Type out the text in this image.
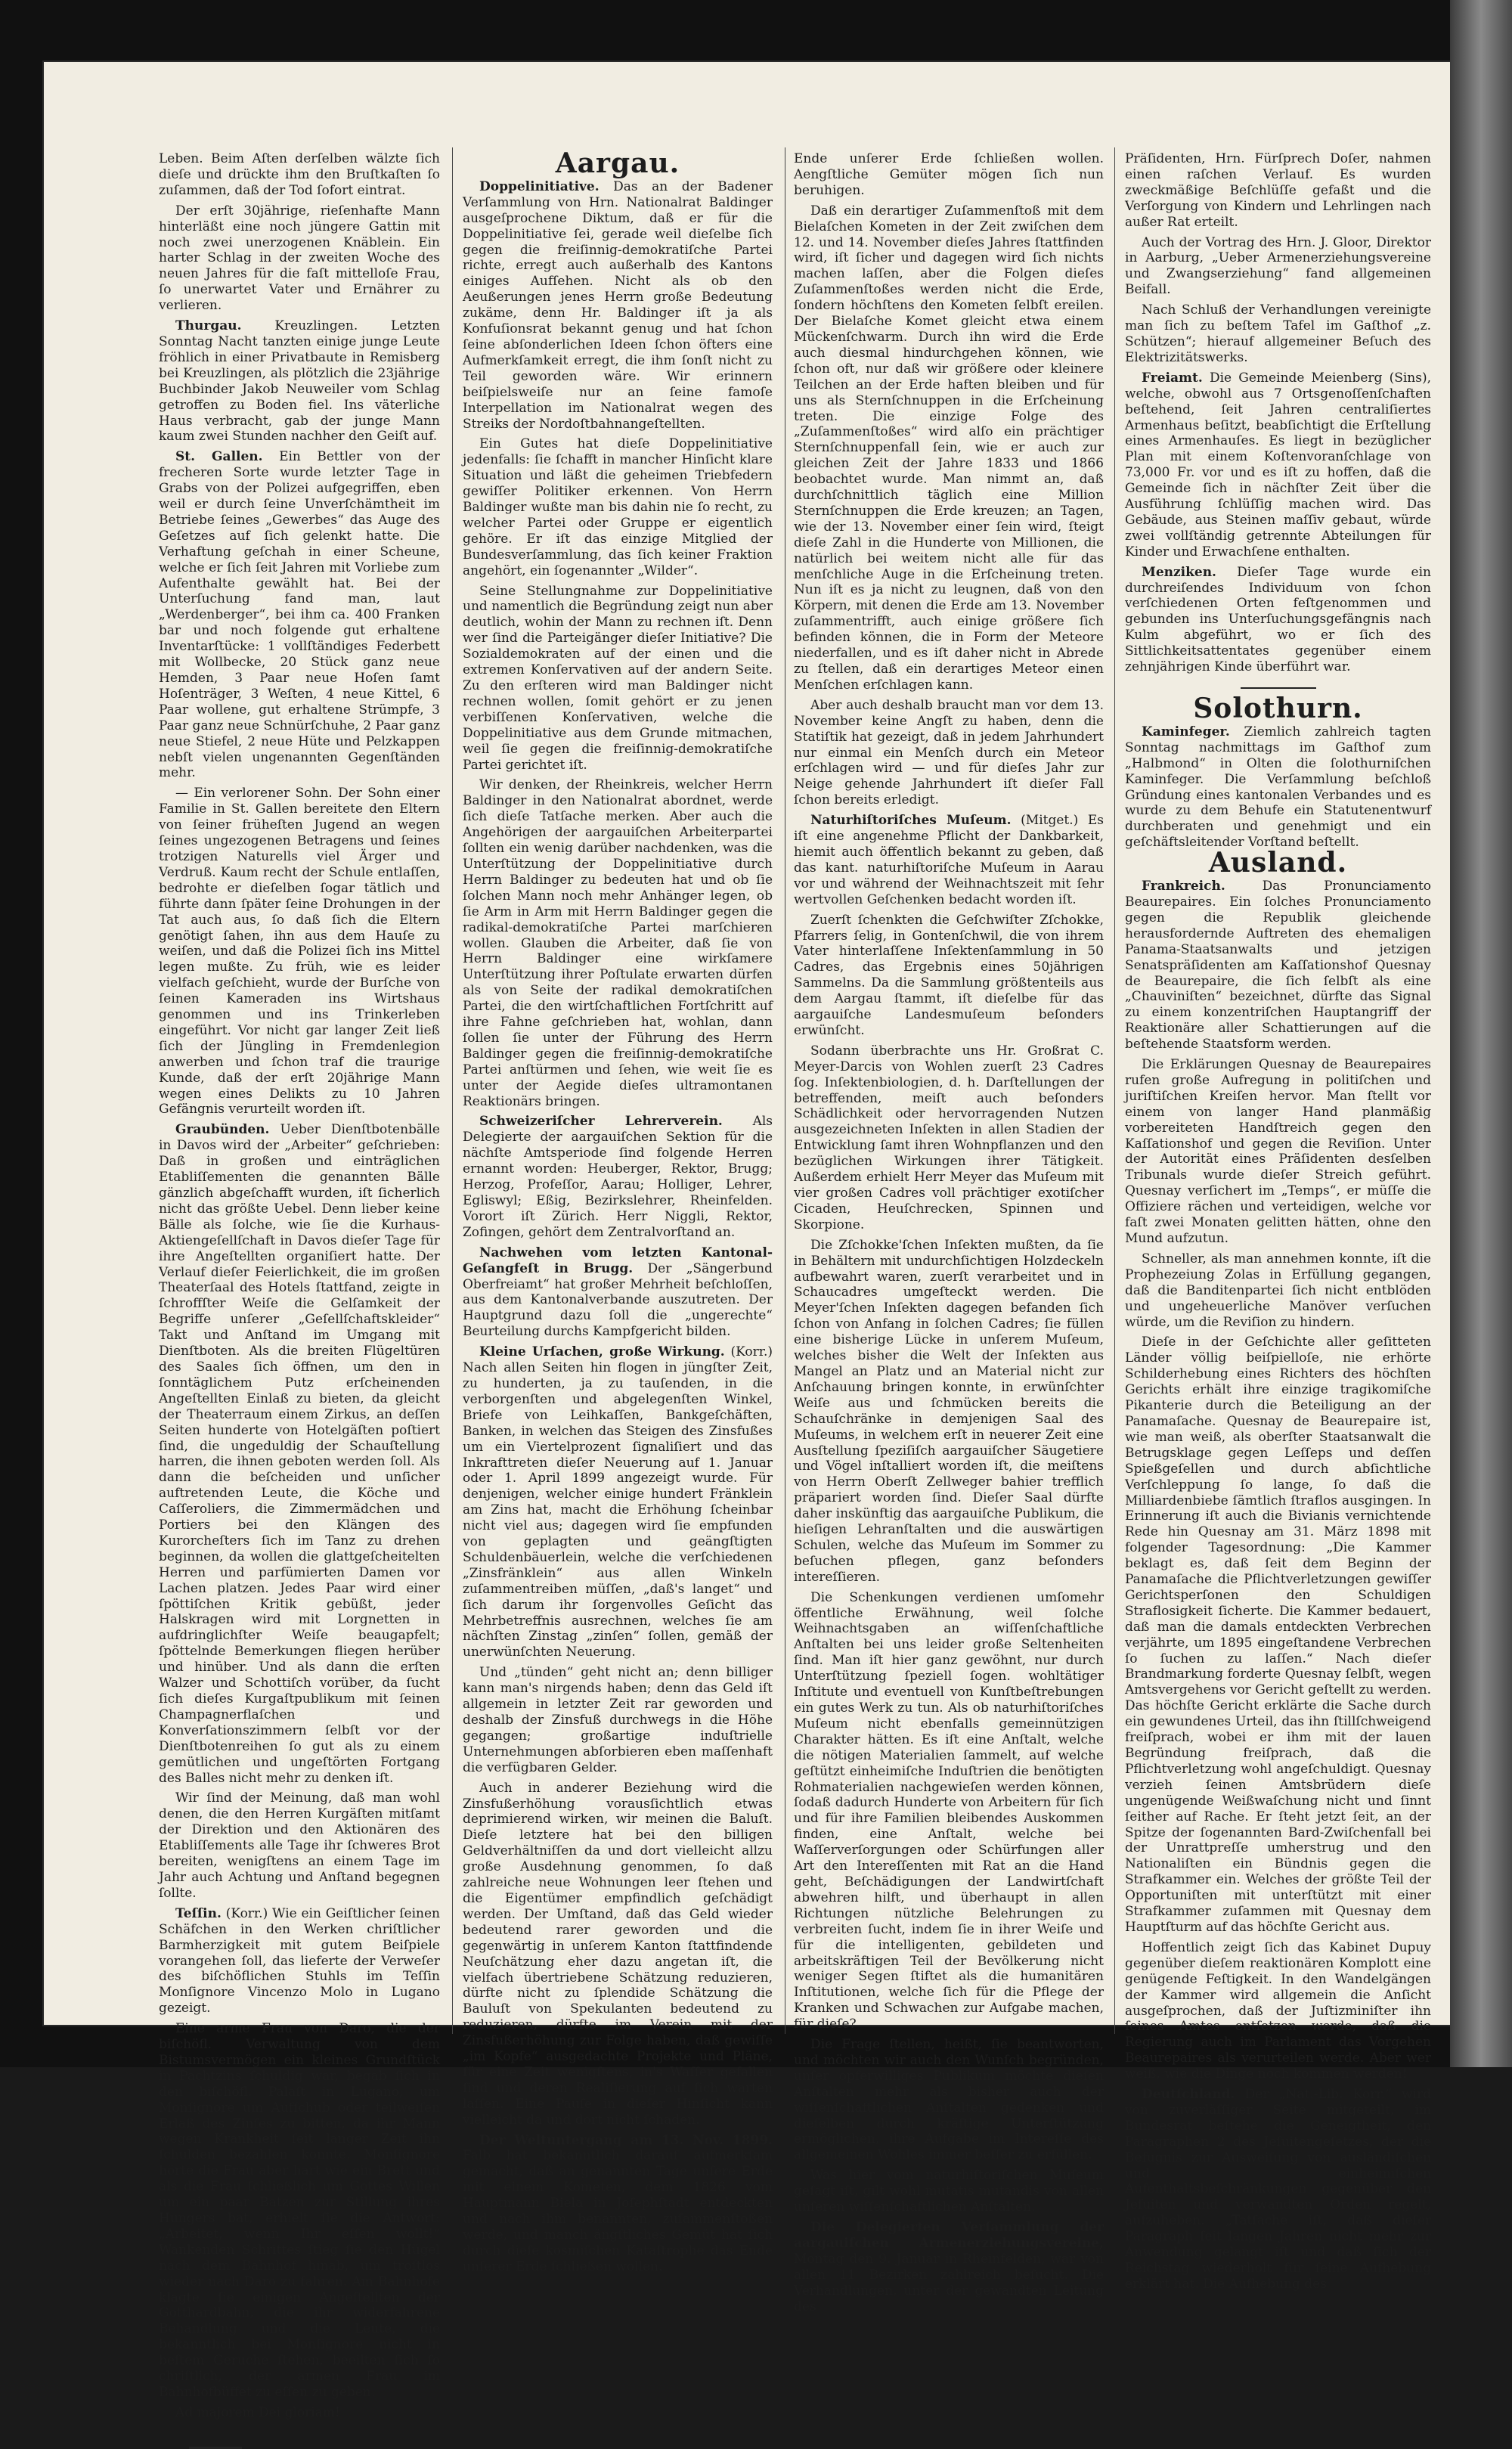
Leben. Beim Aſten derſelben wälzte ſich dieſe und drückte ihm den Bruſtkaſten ſo zuſammen, daß der Tod ſofort eintrat.

Der erſt 30jährige, rieſenhafte Mann hinterläßt eine noch jüngere Gattin mit noch zwei unerzogenen Knäblein. Ein harter Schlag in der zweiten Woche des neuen Jahres für die faſt mittelloſe Frau, ſo unerwartet Vater und Ernährer zu verlieren.

Thurgau.	Kreuzlingen. Letzten Sonntag Nacht tanzten einige junge Leute fröhlich in einer Privatbaute in Remisberg bei Kreuzlingen, als plötzlich die 23jährige Buchbinder Jakob Neuweiler vom Schlag getroffen zu Boden fiel. Ins väterliche Haus verbracht, gab der junge Mann kaum zwei Stunden nachher den Geiſt auf.

St. Gallen. Ein Bettler von der frecheren Sorte wurde letzter Tage in Grabs von der Polizei aufgegriffen, eben weil er durch ſeine Unverſchämtheit im Betriebe ſeines „Gewerbes“ das Auge des Geſetzes auf ſich gelenkt hatte. Die Verhaftung geſchah in einer Scheune, welche er ſich ſeit Jahren mit Vorliebe zum Aufenthalte gewählt hat. Bei der Unterſuchung fand man, laut „Werdenberger“, bei ihm ca. 400 Franken bar und noch folgende gut erhaltene Inventarſtücke: 1 vollſtändiges Federbett mit Wollbecke, 20 Stück ganz neue Hemden, 3 Paar neue Hoſen ſamt Hoſenträger, 3 Weſten, 4 neue Kittel, 6 Paar wollene, gut erhaltene Strümpfe, 3 Paar ganz neue Schnürſchuhe, 2 Paar ganz neue Stiefel, 2 neue Hüte und Pelzkappen nebſt vielen ungenannten Gegenſtänden mehr.

— Ein verlorener Sohn. Der Sohn einer Familie in St. Gallen bereitete den Eltern von ſeiner früheſten Jugend an wegen ſeines ungezogenen Betragens und ſeines trotzigen Naturells viel Ärger und Verdruß. Kaum recht der Schule entlaſſen, bedrohte er dieſelben ſogar tätlich und führte dann ſpäter ſeine Drohungen in der Tat auch aus, ſo daß ſich die Eltern genötigt ſahen, ihn aus dem Hauſe zu weiſen, und daß die Polizei ſich ins Mittel legen mußte. Zu früh, wie es leider vielfach geſchieht, wurde der Burſche von ſeinen Kameraden ins Wirtshaus genommen und ins Trinkerleben eingeführt. Vor nicht gar langer Zeit ließ ſich der Jüngling in Fremdenlegion anwerben und ſchon traf die traurige Kunde, daß der erſt 20jährige Mann wegen eines Delikts zu 10 Jahren Gefängnis verurteilt worden iſt.

Graubünden. Ueber Dienſtbotenbälle in Davos wird der „Arbeiter“ geſchrieben: Daß in großen und einträglichen Etabliſſementen die genannten Bälle gänzlich abgeſchafft wurden, iſt ſicherlich nicht das größte Uebel. Denn lieber keine Bälle als ſolche, wie ſie die Kurhaus-Aktiengeſellſchaft in Davos dieſer Tage für ihre Angeſtellten organiſiert hatte. Der Verlauf dieſer Feierlichkeit, die im großen Theaterſaal des Hotels ſtattfand, zeigte in ſchroffſter Weiſe die Gelſamkeit der Begriffe unſerer „Geſellſchaftskleider“ Takt und Anſtand im Umgang mit Dienſtboten. Als die breiten Flügeltüren des Saales ſich öffnen, um den in ſonntäglichem Putz erſcheinenden Angeſtellten Einlaß zu bieten, da gleicht der Theaterraum einem Zirkus, an deſſen Seiten hunderte von Hotelgäſten poſtiert ſind, die ungeduldig der Schauſtellung harren, die ihnen geboten werden ſoll. Als dann die beſcheiden und unſicher auftretenden Leute, die Köche und Caſſeroliers, die Zimmermädchen und Portiers bei den Klängen des Kurorcheſters ſich im Tanz zu drehen beginnen, da wollen die glattgeſcheitelten Herren und parfümierten Damen vor Lachen platzen. Jedes Paar wird einer ſpöttiſchen Kritik gebüßt, jeder Halskragen wird mit Lorgnetten in aufdringlichſter Weiſe beaugapfelt; ſpöttelnde Bemerkungen fliegen herüber und hinüber. Und als dann die erſten Walzer und Schottiſch vorüber, da ſucht ſich dieſes Kurgaſtpublikum mit ſeinen Champagnerflaſchen und Konverſationszimmern ſelbſt vor der Dienſtbotenreihen ſo gut als zu einem gemütlichen und ungeſtörten Fortgang des Balles nicht mehr zu denken iſt.

Wir ſind der Meinung, daß man wohl denen, die den Herren Kurgäſten mitſamt der Direktion und den Aktionären des Etabliſſements alle Tage ihr ſchweres Brot bereiten, wenigſtens an einem Tage im Jahr auch Achtung und Anſtand begegnen ſollte.

Teſſin. (Korr.) Wie ein Geiſtlicher ſeinen Schäfchen in den Werken chriſtlicher Barmherzigkeit mit gutem Beiſpiele vorangehen ſoll, das lieferte der Verweſer des biſchöflichen Stuhls im Teſſin Monſignore Vincenzo Molo in Lugano gezeigt.

Eine arme Frau von Daro, die der biſchöfl. Verwaltung von dem Bistumsvermögen ein kleines Grundſtück in Pachtzins ſchuldig war, begab ſich in den biſchöfl. Palaſt in Lugano, um Monſignore um Aufſchub oder teilweiſen Erlaß des Zinſes zu bitten, da ihr Mann wegen Krankheit ſeit langer Zeit ihn ſchulden bezahlen konnte. Monſignore hörte die Frau aber hart wie ein Brett und als die Frau ſchließlich um Gottes Willen um ein paar Batzen zur Stillung ihres Hungers bat, erhielt ſie die Antwort: „Arbeitet, wenn Ihr eſſen wollt!“ Wankenden Schrittes ſtieg ſie den Hügel nach dem Bahnhof hinab, um troſtlos wieder nach Daro zu fahren. Am Bahnhofe klagte ſie einigen Angeſtellten der Gotthardbahn, die ihr widerfahrene Behandlung und die Leute, die bekanntlich bei Monſignore nicht in beſtem Geruche ſtehen, beeilten ſich ſo chriſtlich, der armen Frau im Bahnhofbüffet zu eſſen zu geben.

Ad majorem Dei gloriam!

Aargau.

Doppelinitiative. Das an der Badener Verſammlung von Hrn. Nationalrat Baldinger ausgeſprochene Diktum, daß er für die Doppelinitiative ſei, gerade weil dieſelbe ſich gegen die freiſinnig-demokratiſche Partei richte, erregt auch außerhalb des Kantons einiges Aufſehen. Nicht als ob den Aeußerungen jenes Herrn große Bedeutung zukäme, denn Hr. Baldinger iſt ja als Konfuſionsrat bekannt genug und hat ſchon ſeine abſonderlichen Ideen ſchon öfters eine Aufmerkſamkeit erregt, die ihm ſonſt nicht zu Teil geworden wäre. Wir erinnern beiſpielsweiſe nur an ſeine famoſe Interpellation im Nationalrat wegen des Streiks der Nordoſtbahnangeſtellten.

Ein Gutes hat dieſe Doppelinitiative jedenfalls: ſie ſchafft in mancher Hinſicht klare Situation und läßt die geheimen Triebfedern gewiſſer Politiker erkennen. Von Herrn Baldinger wußte man bis dahin nie ſo recht, zu welcher Partei oder Gruppe er eigentlich gehöre. Er iſt das einzige Mitglied der Bundesverſammlung, das ſich keiner Fraktion angehört, ein ſogenannter „Wilder“.

Seine Stellungnahme zur Doppelinitiative und namentlich die Begründung zeigt nun aber deutlich, wohin der Mann zu rechnen iſt. Denn wer ſind die Parteigänger dieſer Initiative? Die Sozialdemokraten auf der einen und die extremen Konſervativen auf der andern Seite. Zu den erſteren wird man Baldinger nicht rechnen wollen, ſomit gehört er zu jenen verbiſſenen Konſervativen, welche die Doppelinitiative aus dem Grunde mitmachen, weil ſie gegen die freiſinnig-demokratiſche Partei gerichtet iſt.

Wir denken, der Rheinkreis, welcher Herrn Baldinger in den Nationalrat abordnet, werde ſich dieſe Tatſache merken. Aber auch die Angehörigen der aargauiſchen Arbeiterpartei ſollten ein wenig darüber nachdenken, was die Unterſtützung der Doppelinitiative durch Herrn Baldinger zu bedeuten hat und ob ſie ſolchen Mann noch mehr Anhänger legen, ob ſie Arm in Arm mit Herrn Baldinger gegen die radikal-demokratiſche Partei marſchieren wollen. Glauben die Arbeiter, daß ſie von Herrn Baldinger eine wirkſamere Unterſtützung ihrer Poſtulate erwarten dürfen als von Seite der radikal demokratiſchen Partei, die den wirtſchaftlichen Fortſchritt auf ihre Fahne geſchrieben hat, wohlan, dann ſollen ſie unter der Führung des Herrn Baldinger gegen die freiſinnig-demokratiſche Partei anſtürmen und ſehen, wie weit ſie es unter der Aegide dieſes ultramontanen Reaktionärs bringen.

Schweizeriſcher Lehrerverein. Als Delegierte der aargauiſchen Sektion für die nächſte Amtsperiode ſind folgende Herren ernannt worden: Heuberger, Rektor, Brugg; Herzog, Profeſſor, Aarau; Holliger, Lehrer, Egliswyl; Eßig, Bezirkslehrer, Rheinfelden. Vorort iſt Zürich. Herr Niggli, Rektor, Zofingen, gehört dem Zentralvorſtand an.

Nachwehen vom letzten Kantonal-Geſangfeſt in Brugg. Der „Sängerbund Oberfreiamt“ hat großer Mehrheit beſchloſſen, aus dem Kantonalverbande auszutreten. Der Hauptgrund dazu ſoll die „ungerechte“ Beurteilung durchs Kampfgericht bilden.

Kleine Urſachen, große Wirkung. (Korr.) Nach allen Seiten hin flogen in jüngſter Zeit, zu hunderten, ja zu tauſenden, in die verborgenſten und abgelegenſten Winkel, Briefe von Leihkaſſen, Bankgeſchäften, Banken, in welchen das Steigen des Zinsfußes um ein Viertelprozent ſignaliſiert und das Inkrafttreten dieſer Neuerung auf 1. Januar oder 1. April 1899 angezeigt wurde. Für denjenigen, welcher einige hundert Fränklein am Zins hat, macht die Erhöhung ſcheinbar nicht viel aus; dagegen wird ſie empfunden von geplagten und geängſtigten Schuldenbäuerlein, welche die verſchiedenen „Zinsfränklein“ aus allen Winkeln zuſammentreiben müſſen, „daß's langet“ und ſich darum ihr ſorgenvolles Geſicht das Mehrbetreffnis ausrechnen, welches ſie am nächſten Zinstag „zinſen“ ſollen, gemäß der unerwünſchten Neuerung.

Und „tünden“ geht nicht an; denn billiger kann man's nirgends haben; denn das Geld iſt allgemein in letzter Zeit rar geworden und deshalb der Zinsfuß durchwegs in die Höhe gegangen; großartige induſtrielle Unternehmungen abſorbieren eben maſſenhaft die verfügbaren Gelder.

Auch in anderer Beziehung wird die Zinsfußerhöhung vorausſichtlich etwas deprimierend wirken, wir meinen die Baluſt. Dieſe letztere hat bei den billigen Geldverhältniſſen da und dort vielleicht allzu große Ausdehnung genommen, ſo daß zahlreiche neue Wohnungen leer ſtehen und die Eigentümer empfindlich geſchädigt werden. Der Umſtand, daß das Geld wieder bedeutend rarer geworden und die gegenwärtig in unſerem Kanton ſtattfindende Neuſchätzung eher dazu angetan iſt, die vielfach übertriebene Schätzung reduzieren, dürfte nicht zu ſplendide Schätzung die Bauluſt von Spekulanten bedeutend zu reduzieren, dürfte im Verein mit der Zinsfußerhöhung zur Folge haben, daß gewiſſe „im Kopfe“ ausgedachte Projekte und Pläne, für eine Zeit wenigſtens, in's Waſſer gefallen ſind und deren Realiſierung auf ſich warten laſſen. Eine Pauſe in dieſer Hinſicht kann vielleicht da und dort nicht ſchaden.

Der Weltuntergang am 13. Nov. 1899. Falb hat bekanntlich darauf aufmerkſam gemacht, daß an genannten Tage unſere Erde mit einem Kometen, dem 1826 vom Hauptmann Biela in Joſephſtadt entdeckten und nach ihm benannten, zuſammenſtoßen werde, und manch ängſtliches Gemüt hat ſich durch dieſe kosmiſchen Kataſtrophe das Ende unſerer Erde ſchließen wollen.

Ende unſerer Erde ſchließen wollen. Aengſtliche Gemüter mögen ſich nun beruhigen.

Daß ein derartiger Zuſammenſtoß mit dem Bielaſchen Kometen in der Zeit zwiſchen dem 12. und 14. November dieſes Jahres ſtattfinden wird, iſt ſicher und dagegen wird ſich nichts machen laſſen, aber die Folgen dieſes Zuſammenſtoßes werden nicht die Erde, ſondern höchſtens den Kometen ſelbſt ereilen. Der Bielaſche Komet gleicht etwa einem Mückenſchwarm. Durch ihn wird die Erde auch diesmal hindurchgehen können, wie ſchon oft, nur daß wir größere oder kleinere Teilchen an der Erde haften bleiben und für uns als Sternſchnuppen in die Erſcheinung treten. Die einzige Folge des „Zuſammenſtoßes“ wird alſo ein prächtiger Sternſchnuppenfall ſein, wie er auch zur gleichen Zeit der Jahre 1833 und 1866 beobachtet wurde. Man nimmt an, daß durchſchnittlich täglich eine Million Sternſchnuppen die Erde kreuzen; an Tagen, wie der 13. November einer ſein wird, ſteigt dieſe Zahl in die Hunderte von Millionen, die natürlich bei weitem nicht alle für das menſchliche Auge in die Erſcheinung treten. Nun iſt es ja nicht zu leugnen, daß von den Körpern, mit denen die Erde am 13. November zuſammentrifft, auch einige größere ſich befinden können, die in Form der Meteore niederfallen, und es iſt daher nicht in Abrede zu ſtellen, daß ein derartiges Meteor einen Menſchen erſchlagen kann.

Aber auch deshalb braucht man vor dem 13. November keine Angſt zu haben, denn die Statiſtik hat gezeigt, daß in jedem Jahrhundert nur einmal ein Menſch durch ein Meteor erſchlagen wird — und für dieſes Jahr zur Neige gehende Jahrhundert iſt dieſer Fall ſchon bereits erledigt.

Naturhiſtoriſches Muſeum. (Mitget.) Es iſt eine angenehme Pflicht der Dankbarkeit, hiemit auch öffentlich bekannt zu geben, daß das kant. naturhiſtoriſche Muſeum in Aarau vor und während der Weihnachtszeit mit ſehr wertvollen Geſchenken bedacht worden iſt.

Zuerſt ſchenkten die Geſchwiſter Zſchokke, Pfarrers ſelig, in Gontenſchwil, die von ihrem Vater hinterlaſſene Inſektenſammlung in 50 Cadres, das Ergebnis eines 50jährigen Sammelns. Da die Sammlung größtenteils aus dem Aargau ſtammt, iſt dieſelbe für das aargauiſche Landesmuſeum beſonders erwünſcht.

Sodann überbrachte uns Hr. Großrat C. Meyer-Darcis von Wohlen zuerſt 23 Cadres ſog. Inſektenbiologien, d. h. Darſtellungen der betreffenden, meiſt auch beſonders Schädlichkeit oder hervorragenden Nutzen ausgezeichneten Inſekten in allen Stadien der Entwicklung ſamt ihren Wohnpflanzen und den bezüglichen Wirkungen ihrer Tätigkeit. Außerdem erhielt Herr Meyer das Muſeum mit vier großen Cadres voll prächtiger exotiſcher Cicaden, Heuſchrecken, Spinnen und Skorpione.

Die Zſchokke'ſchen Inſekten mußten, da ſie in Behältern mit undurchſichtigen Holzdeckeln aufbewahrt waren, zuerſt verarbeitet und in Schaucadres umgeſteckt werden. Die Meyer'ſchen Inſekten dagegen befanden ſich ſchon von Anfang in ſolchen Cadres; ſie füllen eine bisherige Lücke in unſerem Muſeum, welches bisher die Welt der Inſekten aus Mangel an Platz und an Material nicht zur Anſchauung bringen konnte, in erwünſchter Weiſe aus und ſchmücken bereits die Schauſchränke in demjenigen Saal des Muſeums, in welchem erſt in neuerer Zeit eine Ausſtellung ſpeziſiſch aargauiſcher Säugetiere und Vögel inſtalliert worden iſt, die meiſtens von Herrn Oberſt Zellweger bahier trefflich präpariert worden ſind. Dieſer Saal dürfte daher inskünftig das aargauiſche Publikum, die hieſigen Lehranſtalten und die auswärtigen Schulen, welche das Muſeum im Sommer zu beſuchen pflegen, ganz beſonders intereſſieren.

Die Schenkungen verdienen umſomehr öffentliche Erwähnung, weil ſolche Weihnachtsgaben an wiſſenſchaftliche Anſtalten bei uns leider große Seltenheiten ſind. Man iſt hier ganz gewöhnt, nur durch Unterſtützung ſpeziell ſogen. wohltätiger Inſtitute und eventuell von Kunſtbeſtrebungen ein gutes Werk zu tun. Als ob naturhiſtoriſches Muſeum nicht ebenfalls gemeinnützigen Charakter hätten. Es iſt eine Anſtalt, welche die nötigen Materialien ſammelt, auf welche geſtützt einheimiſche Induſtrien die benötigten Rohmaterialien nachgewieſen werden können, ſodaß dadurch Hunderte von Arbeitern für ſich und für ihre Familien bleibendes Auskommen finden, eine Anſtalt, welche bei Waſſerverſorgungen oder Schürfungen aller Art den Intereſſenten mit Rat an die Hand geht, Beſchädigungen der Landwirtſchaft abwehren hilft, und überhaupt in allen Richtungen nützliche Belehrungen zu verbreiten ſucht, indem ſie in ihrer Weiſe und für die intelligenten, gebildeten und arbeitskräftigen Teil der Bevölkerung nicht weniger Segen ſtiftet als die humanitären Inſtitutionen, welche ſich für die Pflege der Kranken und Schwachen zur Aufgabe machen, für dieſe?

Die Frage ſtellen, heißt, ſie beantworten, und möchten wir auch den Wunſch begründen, unſer opferwilliges Publikum möchte dieſen Anſtalten mehr als bisher auch der wiſſenſchaftlichen Anſtalten gedenken und dieſelben durch kräftige Unterſtützung ermöglichen, ihre Aufgabe im Intereſſe des allgemeinen Wohles immer beſſer zu erfüllen.

Was hier vom naturhiſtoriſchen Muſeum geſagt iſt, gilt wohl mutatis mutandis von allen unſeren wiſſenſchaftlichen Anſtalten.

Die Delegierten Verſammlung der aargauiſchen Armenerziehungsvereine, Montag den 9. Januar in Rheinfelden, war von allen 11 Bezirken zahlreich beſucht. Die Verhandlungen, unter der gewandten Leitung des

Präſidenten, Hrn. Fürſprech Doſer, nahmen einen raſchen Verlauf. Es wurden zweckmäßige Beſchlüſſe gefaßt und die Verſorgung von Kindern und Lehrlingen nach außer Rat erteilt.

Auch der Vortrag des Hrn. J. Gloor, Direktor in Aarburg, „Ueber Armenerziehungsvereine und Zwangserziehung“ fand allgemeinen Beifall.

Nach Schluß der Verhandlungen vereinigte man ſich zu beſtem Tafel im Gaſthof „z. Schützen“; hierauf allgemeiner Beſuch des Elektrizitätswerks.

Freiamt. Die Gemeinde Meienberg (Sins), welche, obwohl aus 7 Ortsgenoſſenſchaften beſtehend, ſeit Jahren centraliſiertes Armenhaus beſitzt, beabſichtigt die Erſtellung eines Armenhauſes. Es liegt in bezüglicher Plan mit einem Koſtenvoranſchlage von 73,000 Fr. vor und es iſt zu hoffen, daß die Gemeinde ſich in nächſter Zeit über die Ausführung ſchlüſſig machen wird. Das Gebäude, aus Steinen maſſiv gebaut, würde zwei vollſtändig getrennte Abteilungen für Kinder und Erwachſene enthalten.

Menziken. Dieſer Tage wurde ein durchreiſendes Individuum von ſchon verſchiedenen Orten feſtgenommen und gebunden ins Unterſuchungsgefängnis nach Kulm abgeführt, wo er ſich des Sittlichkeitsattentates gegenüber einem zehnjährigen Kinde überführt war.

Solothurn.

Kaminfeger. Ziemlich zahlreich tagten Sonntag nachmittags im Gaſthof zum „Halbmond“ in Olten die ſolothurniſchen Kaminfeger. Die Verſammlung beſchloß Gründung eines kantonalen Verbandes und es wurde zu dem Behufe ein Statutenentwurf durchberaten und genehmigt und ein geſchäftsleitender Vorſtand beſtellt.

Ausland.

Frankreich.	Das Pronunciamento Beaurepaires. Ein ſolches Pronunciamento gegen die Republik gleichende herausfordernde Auftreten des ehemaligen Panama-Staatsanwalts und jetzigen Senatspräſidenten am Kaſſationshof Quesnay de Beaurepaire, die ſich ſelbſt als eine „Chauviniſten“ bezeichnet, dürfte das Signal zu einem konzentriſchen Hauptangriff der Reaktionäre aller Schattierungen auf die beſtehende Staatsform werden.

Die Erklärungen Quesnay de Beaurepaires rufen große Aufregung in politiſchen und juriſtiſchen Kreiſen hervor. Man ſtellt vor einem von langer Hand planmäßig vorbereiteten Handſtreich gegen den Kaſſationshof und gegen die Reviſion. Unter der Autorität eines Präſidenten desſelben Tribunals wurde dieſer Streich geführt. Quesnay verſichert im „Temps“, er müſſe die Offiziere rächen und verteidigen, welche vor faſt zwei Monaten gelitten hätten, ohne den Mund aufzutun.

Schneller, als man annehmen konnte, iſt die Prophezeiung Zolas in Erfüllung gegangen, daß die Banditenpartei ſich nicht entblöden und ungeheuerliche Manöver verſuchen würde, um die Reviſion zu hindern.

Dieſe in der Geſchichte aller geſitteten Länder völlig beiſpielloſe, nie erhörte Schilderhebung eines Richters des höchſten Gerichts erhält ihre einzige tragikomiſche Pikanterie durch die Beteiligung an der Panamaſache. Quesnay de Beaurepaire ist, wie man weiß, als oberſter Staatsanwalt die Betrugsklage gegen Leſſeps und deſſen Spießgeſellen und durch abſichtliche Verſchleppung ſo lange, ſo daß die Milliardenbiebe ſämtlich ſtraflos ausgingen. In Erinnerung iſt auch die Bivianis vernichtende Rede hin Quesnay am 31. März 1898 mit folgender Tagesordnung: „Die Kammer beklagt es, daß ſeit dem Beginn der Panamaſache die Pflichtverletzungen gewiſſer Gerichtsperſonen den Schuldigen Straflosigkeit ſicherte. Die Kammer bedauert, daß man die damals entdeckten Verbrechen verjährte, um 1895 eingeſtandene Verbrechen ſo ſuchen zu laſſen.“ Nach dieſer Brandmarkung forderte Quesnay ſelbſt, wegen Amtsvergehens vor Gericht geſtellt zu werden. Das höchſte Gericht erklärte die Sache durch ein gewundenes Urteil, das ihn ſtillſchweigend freiſprach, wobei er ihm mit der lauen Begründung freiſprach, daß die Pflichtverletzung wohl angeſchuldigt. Quesnay verzieh ſeinen Amtsbrüdern dieſe ungenügende Weißwaſchung nicht und ſinnt ſeither auf Rache. Er ſteht jetzt ſeit, an der Spitze der ſogenannten Bard-Zwiſchenfall bei der Unrattpreſſe umherstrug und den Nationaliſten ein Bündnis gegen die Strafkammer ein. Welches der größte Teil der Opportuniſten mit unterſtützt mit einer Strafkammer zuſammen mit Quesnay dem Hauptſturm auf das höchſte Gericht aus.

Hoffentlich zeigt ſich das Kabinet Dupuy gegenüber dieſem reaktionären Komplott eine genügende Feſtigkeit. In den Wandelgängen der Kammer wird allgemein die Anſicht ausgeſprochen, daß der Juſtizminiſter ihn ſeines Amtes entſetzen werde, daß die Regierung auch im Parlament das Vorgehen Beaurepaires als verurteilen werde. Aber wer weiß, wie die Dinge noch kommen werden!

Deutſchland. Der „Nat.-Lib. Korr.“ wird von zuverläſſiger Seite mitgeteilt, im Bundesrat beſtehe die Geneigtheit, den Paragraphen 2 des Jeſuitengeſetzes, der die Befugnis zur Ausweiſung von ausländiſchen und einheimiſchen Aufenthaltsbeſchränkungen gegenüber den Jeſuiten und verwandten Orden regelt, aufzuheben. „Tatſache iſt, daß dieſer Paragraph ſeit langen Jahren nicht mehr zur Anwendung gelangt iſt und daß ſich der Reichstag wiederholt für ſeine Aufhebung erklärt hat. Die Aufhebung des
